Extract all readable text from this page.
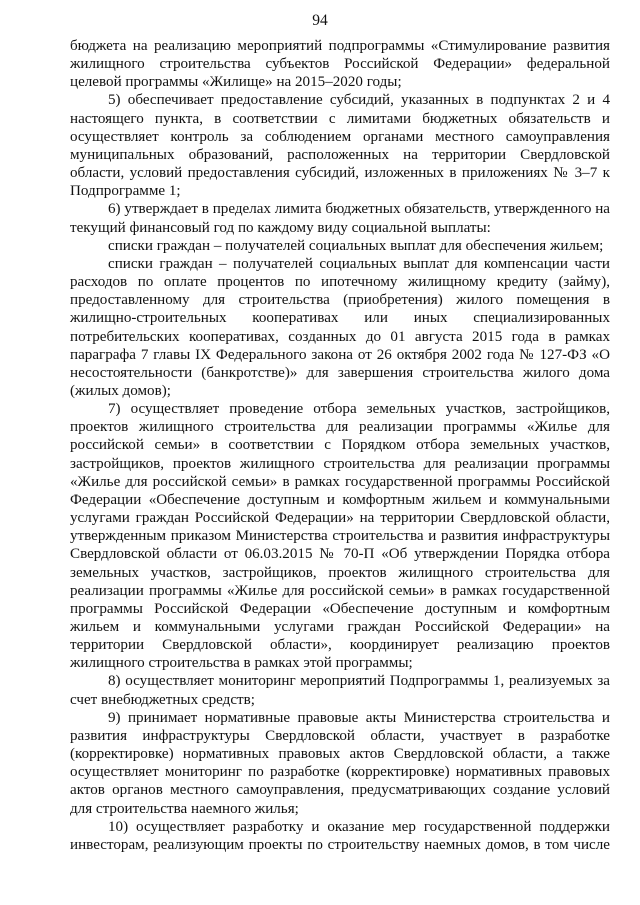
94

бюджета на реализацию мероприятий подпрограммы «Стимулирование развития жилищного строительства субъектов Российской Федерации» федеральной целевой программы «Жилище» на 2015–2020 годы;

5) обеспечивает предоставление субсидий, указанных в подпунктах 2 и 4 настоящего пункта, в соответствии с лимитами бюджетных обязательств и осуществляет контроль за соблюдением органами местного самоуправления муниципальных образований, расположенных на территории Свердловской области, условий предоставления субсидий, изложенных в приложениях № 3–7 к Подпрограмме 1;

6) утверждает в пределах лимита бюджетных обязательств, утвержденного на текущий финансовый год по каждому виду социальной выплаты:

списки граждан – получателей социальных выплат для обеспечения жильем;

списки граждан – получателей социальных выплат для компенсации части расходов по оплате процентов по ипотечному жилищному кредиту (займу), предоставленному для строительства (приобретения) жилого помещения в жилищно-строительных кооперативах или иных специализированных потребительских кооперативах, созданных до 01 августа 2015 года в рамках параграфа 7 главы IX Федерального закона от 26 октября 2002 года № 127-ФЗ «О несостоятельности (банкротстве)» для завершения строительства жилого дома (жилых домов);

7) осуществляет проведение отбора земельных участков, застройщиков, проектов жилищного строительства для реализации программы «Жилье для российской семьи» в соответствии с Порядком отбора земельных участков, застройщиков, проектов жилищного строительства для реализации программы «Жилье для российской семьи» в рамках государственной программы Российской Федерации «Обеспечение доступным и комфортным жильем и коммунальными услугами граждан Российской Федерации» на территории Свердловской области, утвержденным приказом Министерства строительства и развития инфраструктуры Свердловской области от 06.03.2015 № 70-П «Об утверждении Порядка отбора земельных участков, застройщиков, проектов жилищного строительства для реализации программы «Жилье для российской семьи» в рамках государственной программы Российской Федерации «Обеспечение доступным и комфортным жильем и коммунальными услугами граждан Российской Федерации» на территории Свердловской области», координирует реализацию проектов жилищного строительства в рамках этой программы;

8) осуществляет мониторинг мероприятий Подпрограммы 1, реализуемых за счет внебюджетных средств;

9) принимает нормативные правовые акты Министерства строительства и развития инфраструктуры Свердловской области, участвует в разработке (корректировке) нормативных правовых актов Свердловской области, а также осуществляет мониторинг по разработке (корректировке) нормативных правовых актов органов местного самоуправления, предусматривающих создание условий для строительства наемного жилья;

10) осуществляет разработку и оказание мер государственной поддержки инвесторам, реализующим проекты по строительству наемных домов, в том числе
